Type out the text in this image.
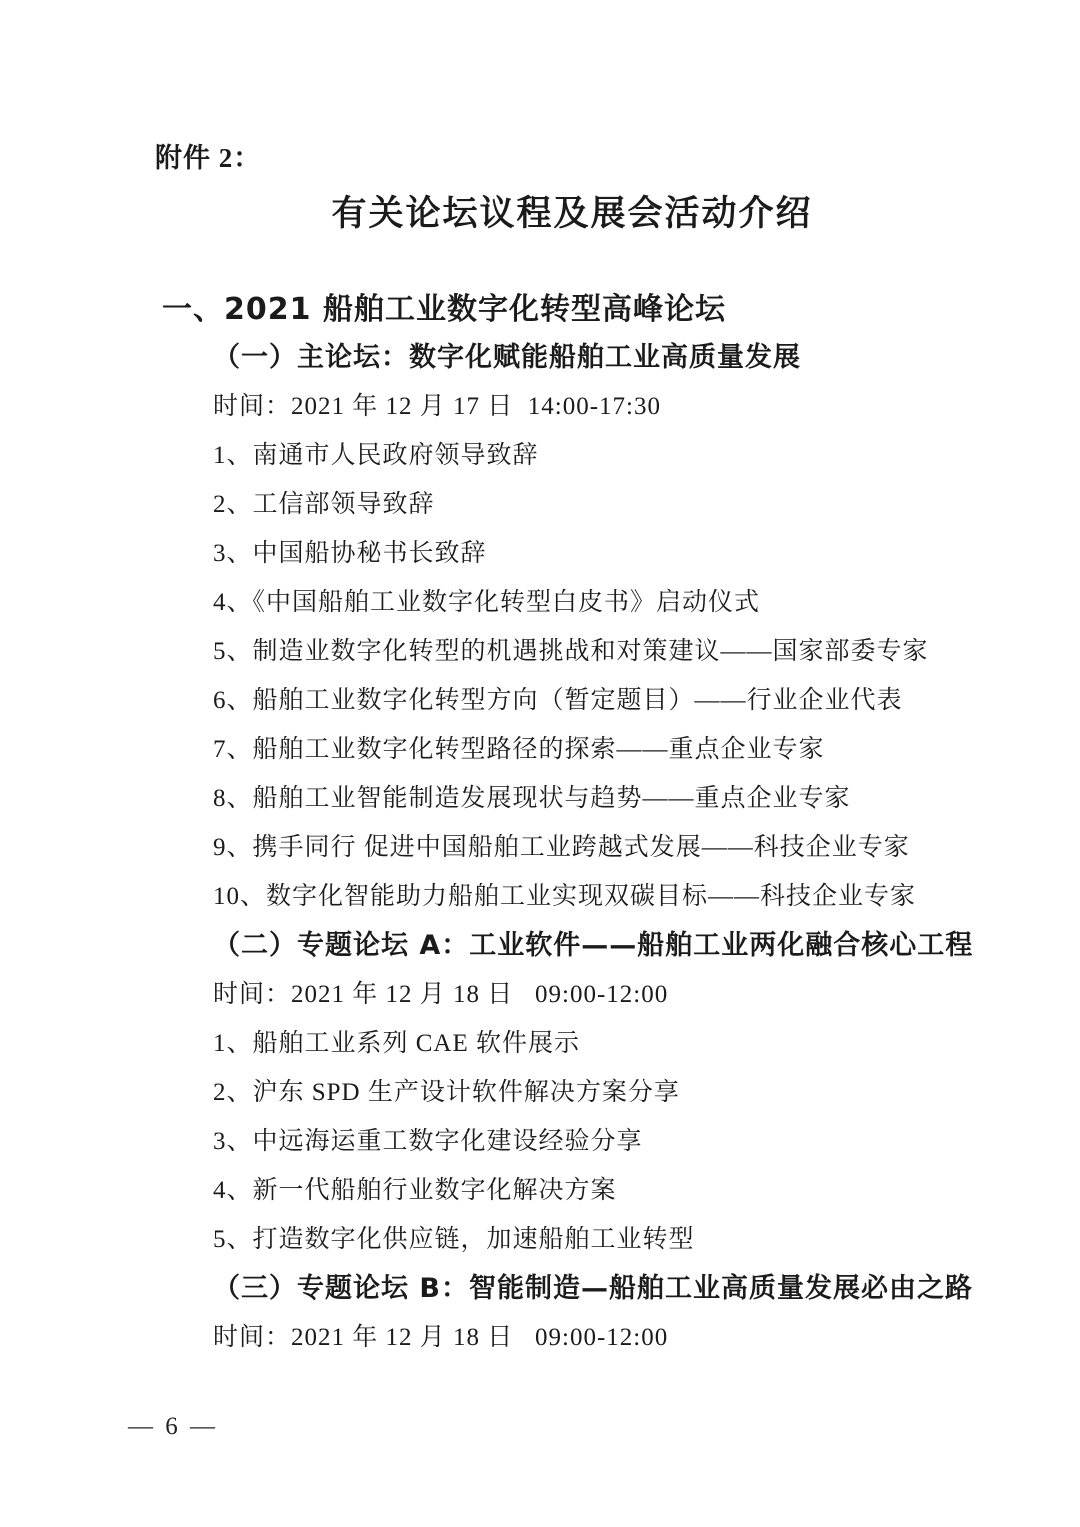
附件 2：
有关论坛议程及展会活动介绍
一、2021 船舶工业数字化转型高峰论坛

（一）主论坛：数字化赋能船舶工业高质量发展

时间：2021 年 12 月 17 日  14:00-17:30

1、南通市人民政府领导致辞

2、工信部领导致辞

3、中国船协秘书长致辞

4、《中国船舶工业数字化转型白皮书》启动仪式

5、制造业数字化转型的机遇挑战和对策建议——国家部委专家

6、船舶工业数字化转型方向（暂定题目）——行业企业代表

7、船舶工业数字化转型路径的探索——重点企业专家

8、船舶工业智能制造发展现状与趋势——重点企业专家

9、携手同行 促进中国船舶工业跨越式发展——科技企业专家

10、数字化智能助力船舶工业实现双碳目标——科技企业专家

（二）专题论坛 A：工业软件——船舶工业两化融合核心工程

时间：2021 年 12 月 18 日   09:00-12:00

1、船舶工业系列 CAE 软件展示

2、沪东 SPD 生产设计软件解决方案分享

3、中远海运重工数字化建设经验分享

4、新一代船舶行业数字化解决方案

5、打造数字化供应链，加速船舶工业转型

（三）专题论坛 B：智能制造—船舶工业高质量发展必由之路

时间：2021 年 12 月 18 日   09:00-12:00

— 6 —
